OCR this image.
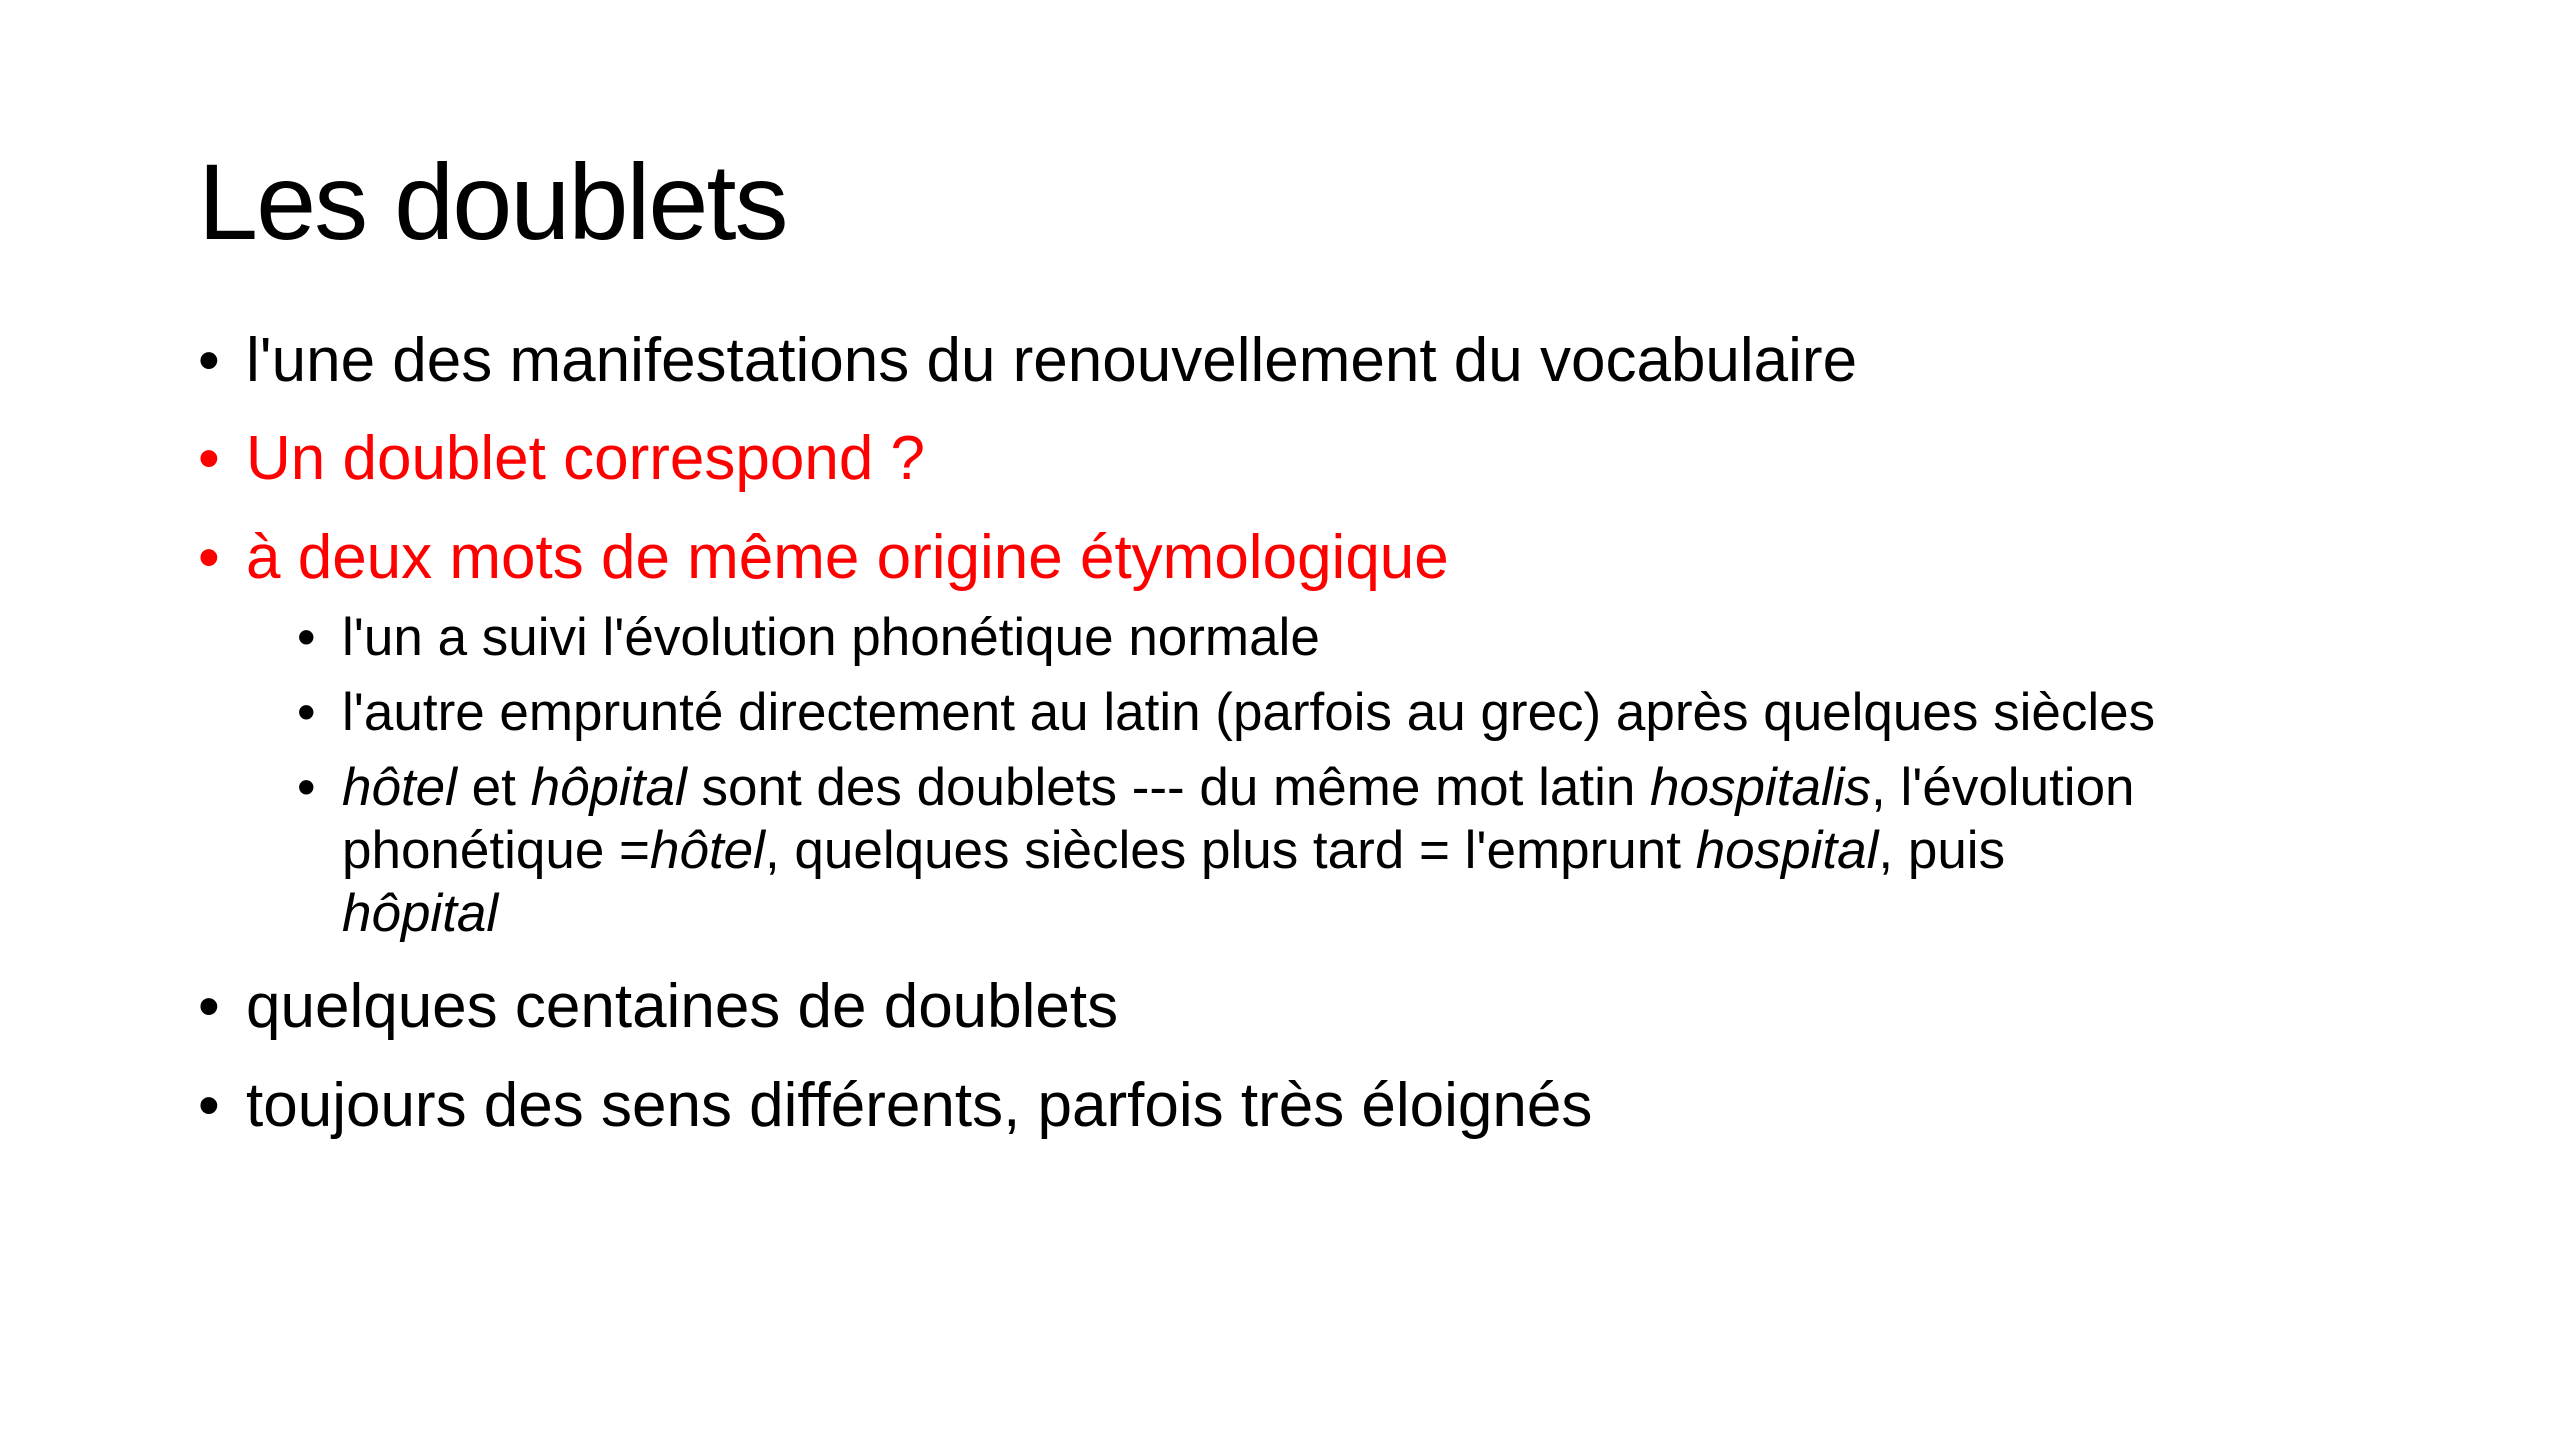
Les doublets
• l'une des manifestations du renouvellement du vocabulaire
• Un doublet correspond ?
• à deux mots de même origine étymologique
• l'un a suivi l'évolution phonétique normale
• l'autre emprunté directement au latin (parfois au grec) après quelques siècles
• hôtel et hôpital sont des doublets --- du même mot latin hospitalis, l'évolution
phonétique =hôtel, quelques siècles plus tard = l'emprunt hospital, puis
hôpital
• quelques centaines de doublets
• toujours des sens différents, parfois très éloignés
